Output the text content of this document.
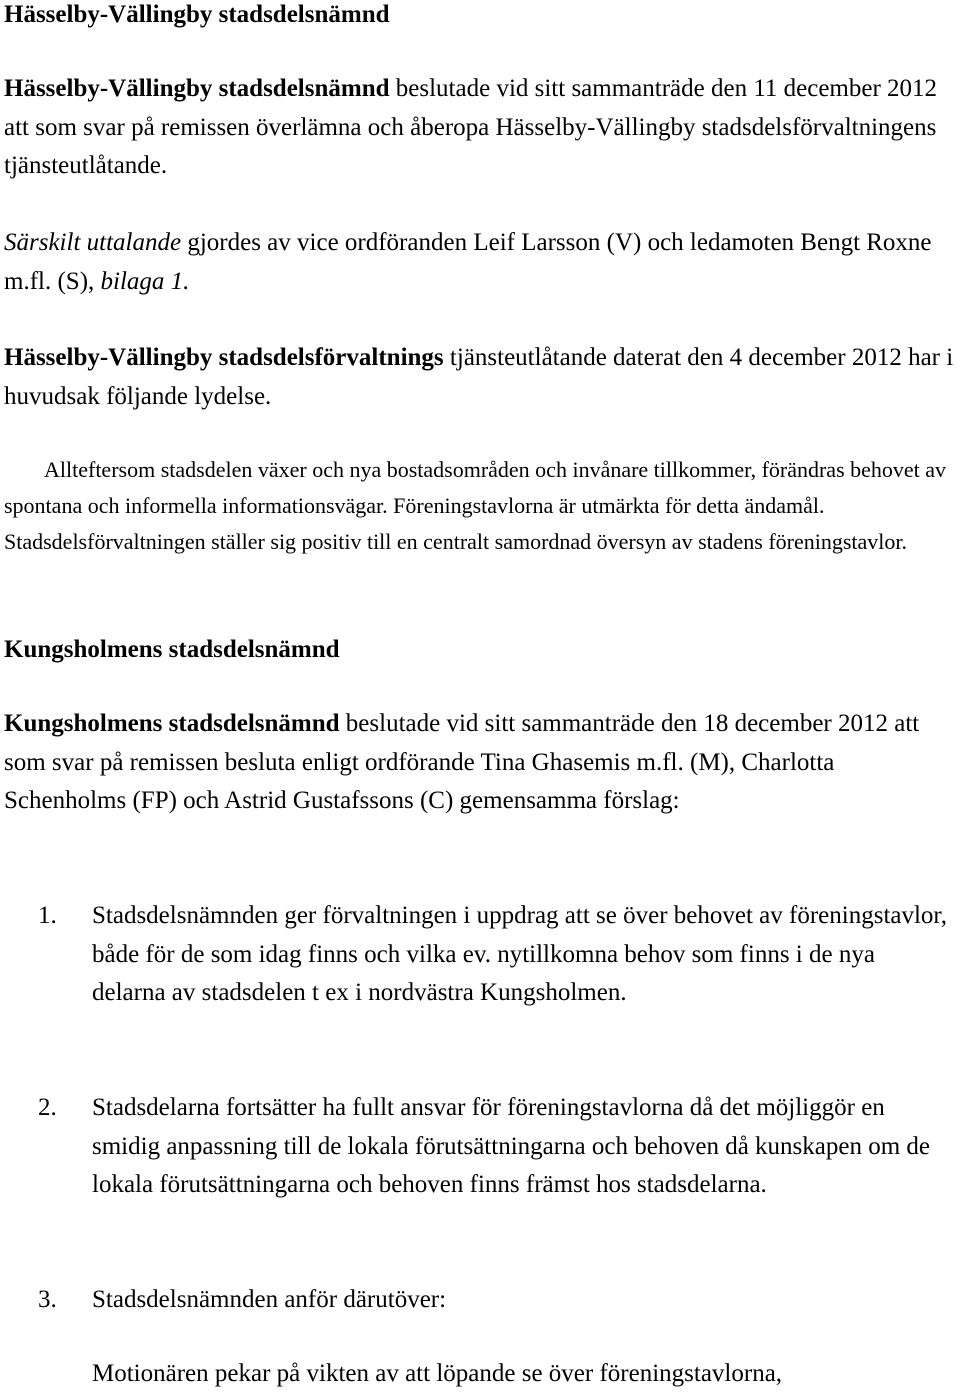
Hässelby-Vällingby stadsdelsnämnd

Hässelby-Vällingby stadsdelsnämnd beslutade vid sitt sammanträde den 11 december 2012 att som svar på remissen överlämna och åberopa Hässelby-Vällingby stadsdelsförvaltningens tjänsteutlåtande.

Särskilt uttalande gjordes av vice ordföranden Leif Larsson (V) och ledamoten Bengt Roxne m.fl. (S), bilaga 1.

Hässelby-Vällingby stadsdelsförvaltnings tjänsteutlåtande daterat den 4 december 2012 har i huvudsak följande lydelse.

Allteftersom stadsdelen växer och nya bostadsområden och invånare tillkommer, förändras behovet av spontana och informella informationsvägar. Föreningstavlorna är utmärkta för detta ändamål. Stadsdelsförvaltningen ställer sig positiv till en centralt samordnad översyn av stadens föreningstavlor.

Kungsholmens stadsdelsnämnd

Kungsholmens stadsdelsnämnd beslutade vid sitt sammanträde den 18 december 2012 att som svar på remissen besluta enligt ordförande Tina Ghasemis m.fl. (M), Charlotta Schenholms (FP) och Astrid Gustafssons (C) gemensamma förslag:

1. Stadsdelsnämnden ger förvaltningen i uppdrag att se över behovet av föreningstavlor, både för de som idag finns och vilka ev. nytillkomna behov som finns i de nya delarna av stadsdelen t ex i nordvästra Kungsholmen.
2. Stadsdelarna fortsätter ha fullt ansvar för föreningstavlorna då det möjliggör en smidig anpassning till de lokala förutsättningarna och behoven då kunskapen om de lokala förutsättningarna och behoven finns främst hos stadsdelarna.
3. Stadsdelsnämnden anför därutöver:

Motionären pekar på vikten av att löpande se över föreningstavlorna,
